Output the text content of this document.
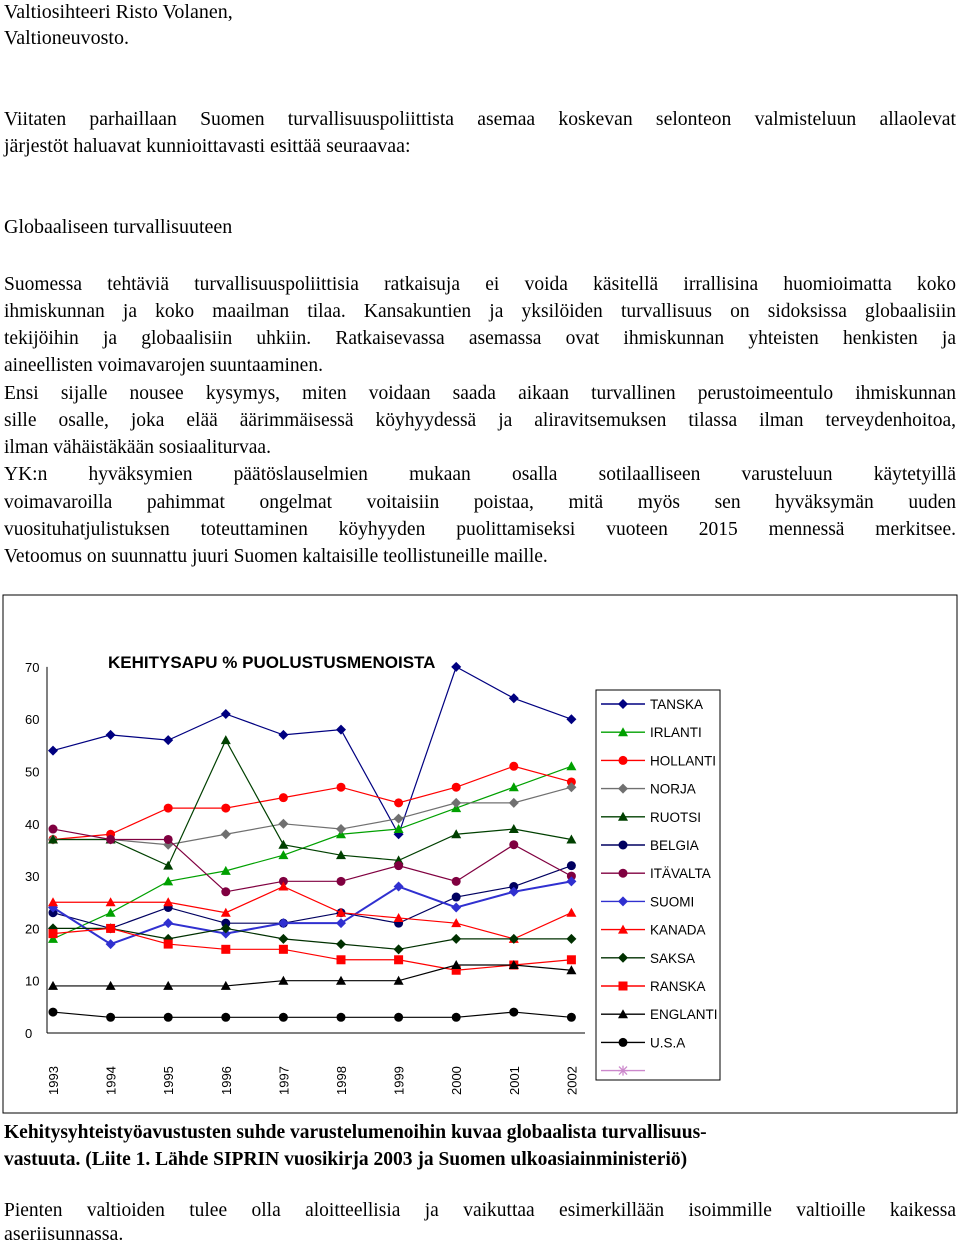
Valtiosihteeri Risto Volanen,
Valtioneuvosto.
Viitaten parhaillaan Suomen turvallisuuspoliittista asemaa koskevan selonteon valmisteluun allaolevat
järjestöt haluavat kunnioittavasti esittää seuraavaa:
Globaaliseen turvallisuuteen
Suomessa tehtäviä turvallisuuspoliittisia ratkaisuja ei voida käsitellä irrallisina huomioimatta koko
ihmiskunnan ja koko maailman tilaa. Kansakuntien ja yksilöiden turvallisuus on sidoksissa globaalisiin
tekijöihin ja globaalisiin uhkiin. Ratkaisevassa asemassa ovat ihmiskunnan yhteisten henkisten ja
aineellisten voimavarojen suuntaaminen.
Ensi sijalle nousee kysymys, miten voidaan saada aikaan turvallinen perustoimeentulo ihmiskunnan
sille osalle, joka elää äärimmäisessä köyhyydessä ja aliravitsemuksen tilassa ilman terveydenhoitoa,
ilman vähäistäkään sosiaaliturvaa.
YK:n hyväksymien päätöslauselmien mukaan osalla sotilaalliseen varusteluun käytetyillä
voimavaroilla pahimmat ongelmat voitaisiin poistaa, mitä myös sen hyväksymän uuden
vuosituhatjulistuksen toteuttaminen köyhyyden puolittamiseksi vuoteen 2015 mennessä merkitsee.
Vetoomus on suunnattu juuri Suomen kaltaisille teollistuneille maille.
KEHITYSAPU % PUOLUSTUSMENOISTA
0
10
20
30
40
50
60
70
1993	1994	1995	1996	1997	1998	1999	2000	2001	2002
TANSKA
IRLANTI
HOLLANTI
NORJA
RUOTSI
BELGIA
ITÄVALTA
SUOMI
KANADA
SAKSA
RANSKA
ENGLANTI
U.S.A
Kehitysyhteistyöavustusten suhde varustelumenoihin kuvaa globaalista turvallisuus-
vastuuta. (Liite 1. Lähde SIPRIN vuosikirja 2003 ja Suomen ulkoasiainministeriö)
Pienten valtioiden tulee olla aloitteellisia ja vaikuttaa esimerkillään isoimmille valtioille kaikessa
aseriisunnassa.
